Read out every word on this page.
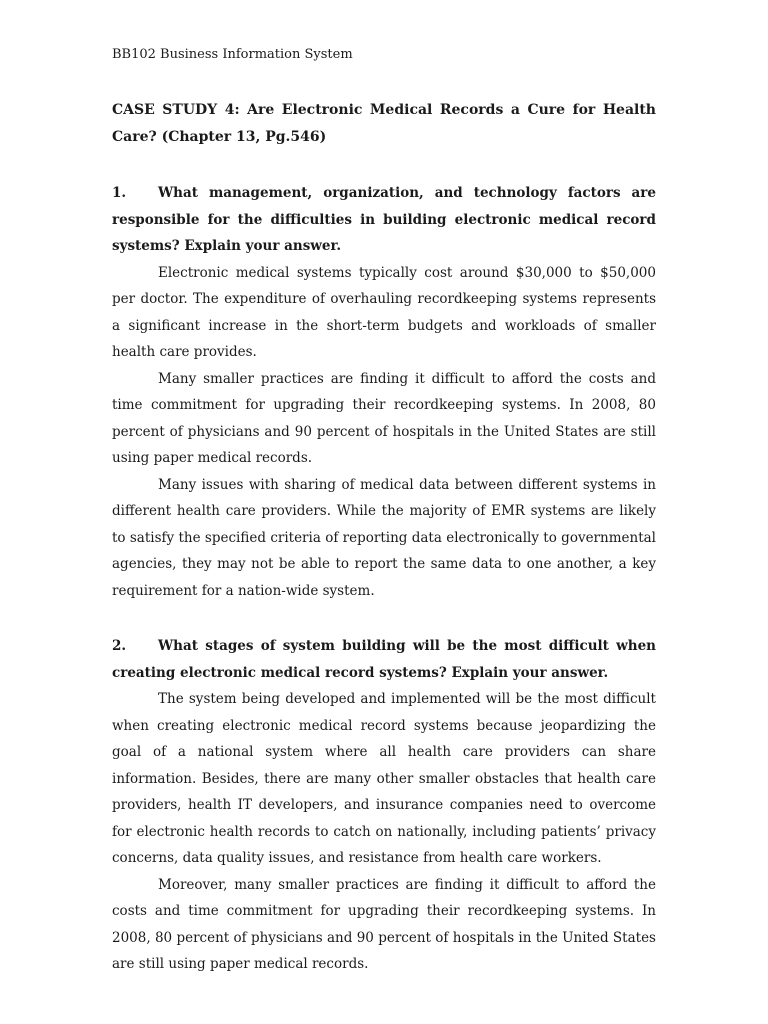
BB102 Business Information System

CASE STUDY 4: Are Electronic Medical Records a Cure for Health Care? (Chapter 13, Pg.546)

1. What management, organization, and technology factors are responsible for the difficulties in building electronic medical record systems? Explain your answer.

Electronic medical systems typically cost around $30,000 to $50,000 per doctor. The expenditure of overhauling recordkeeping systems represents a significant increase in the short-term budgets and workloads of smaller health care provides.

Many smaller practices are finding it difficult to afford the costs and time commitment for upgrading their recordkeeping systems. In 2008, 80 percent of physicians and 90 percent of hospitals in the United States are still using paper medical records.

Many issues with sharing of medical data between different systems in different health care providers. While the majority of EMR systems are likely to satisfy the specified criteria of reporting data electronically to governmental agencies, they may not be able to report the same data to one another, a key requirement for a nation-wide system.

2. What stages of system building will be the most difficult when creating electronic medical record systems? Explain your answer.

The system being developed and implemented will be the most difficult when creating electronic medical record systems because jeopardizing the goal of a national system where all health care providers can share information. Besides, there are many other smaller obstacles that health care providers, health IT developers, and insurance companies need to overcome for electronic health records to catch on nationally, including patients’ privacy concerns, data quality issues, and resistance from health care workers.

Moreover, many smaller practices are finding it difficult to afford the costs and time commitment for upgrading their recordkeeping systems. In 2008, 80 percent of physicians and 90 percent of hospitals in the United States are still using paper medical records.
